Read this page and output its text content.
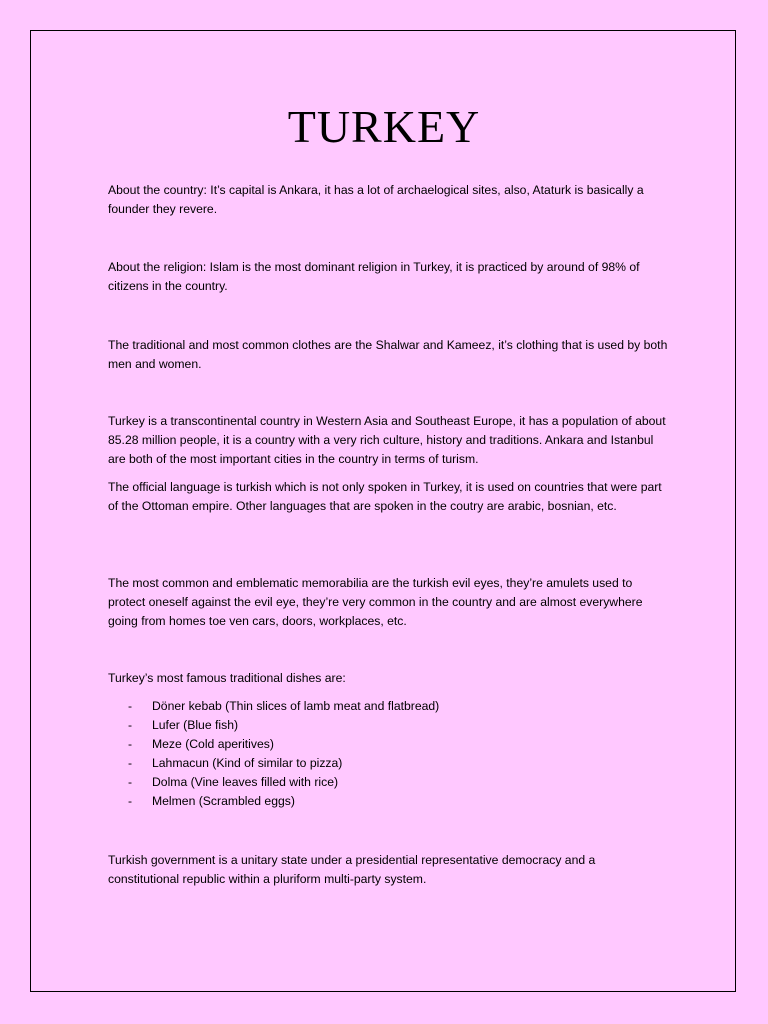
TURKEY

About the country: It’s capital is Ankara, it has a lot of archaelogical sites, also, Ataturk is basically a founder they revere.

About the religion: Islam is the most dominant religion in Turkey, it is practiced by around of 98% of citizens in the country.

The traditional and most common clothes are the Shalwar and Kameez, it’s clothing that is used by both men and women.

Turkey is a transcontinental country in Western Asia and Southeast Europe, it has a population of about 85.28 million people, it is a country with a very rich culture, history and traditions. Ankara and Istanbul are both of the most important cities in the country in terms of turism.

The official language is turkish which is not only spoken in Turkey, it is used on countries that were part of the Ottoman empire. Other languages that are spoken in the coutry are arabic, bosnian, etc.

The most common and emblematic memorabilia are the turkish evil eyes, they’re amulets used to protect oneself against the evil eye, they’re very common in the country and are almost everywhere going from homes toe ven cars, doors, workplaces, etc.

Turkey’s most famous traditional dishes are:

- Döner kebab (Thin slices of lamb meat and flatbread)
- Lufer (Blue fish)
- Meze (Cold aperitives)
- Lahmacun (Kind of similar to pizza)
- Dolma (Vine leaves filled with rice)
- Melmen (Scrambled eggs)

Turkish government is a unitary state under a presidential representative democracy and a constitutional republic within a pluriform multi-party system.
